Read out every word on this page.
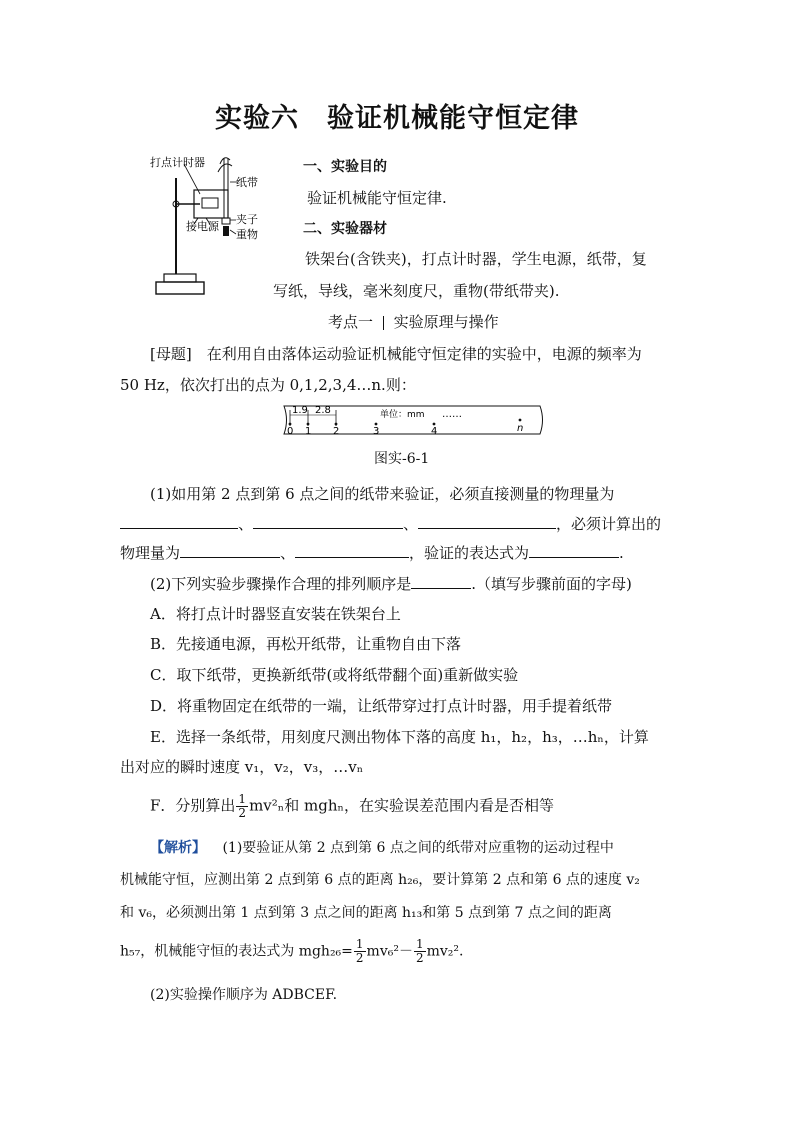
实验六　验证机械能守恒定律
打点计时器
纸带
接电源
夹子
重物
一、实验目的
验证机械能守恒定律.
二、实验器材
铁架台(含铁夹)，打点计时器，学生电源，纸带，复
写纸，导线，毫米刻度尺，重物(带纸带夹).
考点一 实验原理与操作
[母题]　在利用自由落体运动验证机械能守恒定律的实验中，电源的频率为
50 Hz，依次打出的点为 0,1,2,3,4…n.则：
1.9 2.8	单位：mm ……
0 1 2	3	4	n
图实-6-1
(1)如用第 2 点到第 6 点之间的纸带来验证，必须直接测量的物理量为
、	、	，必须计算出的
物理量为	、	，验证的表达式为	.
(2)下列实验步骤操作合理的排列顺序是	.（填写步骤前面的字母)
A．将打点计时器竖直安装在铁架台上
B．先接通电源，再松开纸带，让重物自由下落
C．取下纸带，更换新纸带(或将纸带翻个面)重新做实验
D．将重物固定在纸带的一端，让纸带穿过打点计时器，用手提着纸带
E．选择一条纸带，用刻度尺测出物体下落的高度 h₁，h₂，h₃，…hₙ，计算
出对应的瞬时速度 v₁，v₂，v₃，…vₙ
F．分别算出 $\frac{1}{2} mv^2_n$和 mghₙ，在实验误差范围内看是否相等
【解析】 (1)要验证从第 2 点到第 6 点之间的纸带对应重物的运动过程中
机械能守恒，应测出第 2 点到第 6 点的距离 h₂₆，要计算第 2 点和第 6 点的速度 v₂
和 v₆，必须测出第 1 点到第 3 点之间的距离 h₁₃和第 5 点到第 7 点之间的距离
h₅₇，机械能守恒的表达式为 $mgh_{26}= \frac{1}{2} mv_6^2- \frac{1}{2} mv_2^2$.
(2)实验操作顺序为 ADBCEF.
